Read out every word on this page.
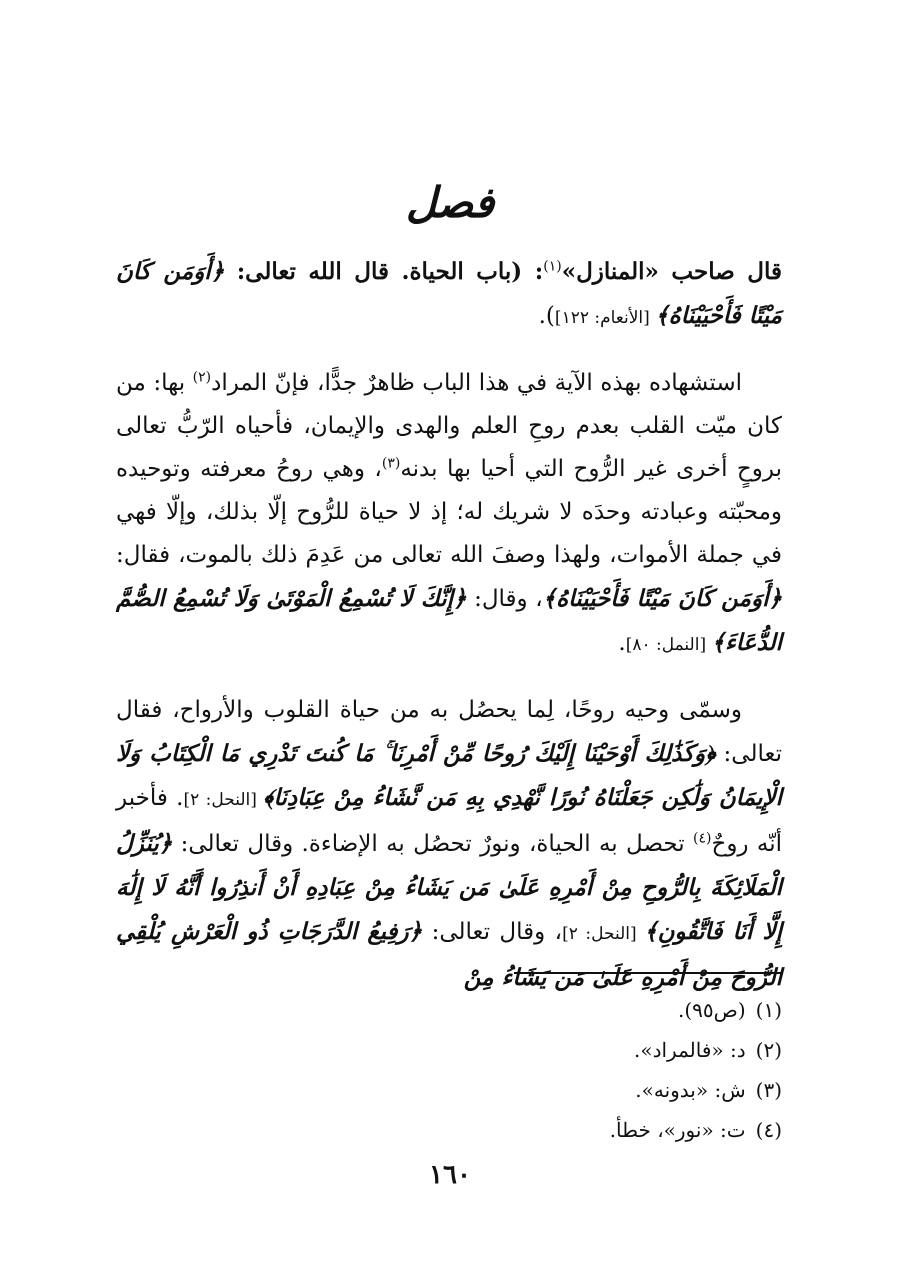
فصل

قال صاحب «المنازل»$^{(١)}$: (باب الحياة. قال الله تعالى: ﴿أَوَمَن كَانَ مَيْتًا فَأَحْيَيْنَاهُ﴾ [الأنعام: ١٢٢]).

استشهاده بهذه الآية في هذا الباب ظاهرٌ جدًّا، فإنّ المراد$^{(٢)}$ بها: من كان ميّت القلب بعدم روحِ العلم والهدى والإيمان، فأحياه الرّبُّ تعالى بروحٍ أخرى غير الرُّوح التي أحيا بها بدنه$^{(٣)}$، وهي روحُ معرفته وتوحيده ومحبّته وعبادته وحدَه لا شريك له؛ إذ لا حياة للرُّوح إلّا بذلك، وإلّا فهي في جملة الأموات، ولهذا وصفَ الله تعالى من عَدِمَ ذلك بالموت، فقال: ﴿أَوَمَن كَانَ مَيْتًا فَأَحْيَيْنَاهُ﴾، وقال: ﴿إِنَّكَ لَا تُسْمِعُ الْمَوْتَىٰ وَلَا تُسْمِعُ الصُّمَّ الدُّعَاءَ﴾ [النمل: ٨٠].

وسمّى وحيه روحًا، لِما يحصُل به من حياة القلوب والأرواح، فقال تعالى: ﴿وَكَذَٰلِكَ أَوْحَيْنَا إِلَيْكَ رُوحًا مِّنْ أَمْرِنَا ۚ مَا كُنتَ تَدْرِي مَا الْكِتَابُ وَلَا الْإِيمَانُ وَلَٰكِن جَعَلْنَاهُ نُورًا نَّهْدِي بِهِ مَن نَّشَاءُ مِنْ عِبَادِنَا﴾ [النحل: ٢]. فأخبر أنّه روحٌ$^{(٤)}$ تحصل به الحياة، ونورٌ تحصُل به الإضاءة. وقال تعالى: ﴿يُنَزِّلُ الْمَلَائِكَةَ بِالرُّوحِ مِنْ أَمْرِهِ عَلَىٰ مَن يَشَاءُ مِنْ عِبَادِهِ أَنْ أَنذِرُوا أَنَّهُ لَا إِلَٰهَ إِلَّا أَنَا فَاتَّقُونِ﴾ [النحل: ٢]، وقال تعالى: ﴿رَفِيعُ الدَّرَجَاتِ ذُو الْعَرْشِ يُلْقِي الرُّوحَ مِنْ أَمْرِهِ عَلَىٰ مَن يَشَاءُ مِنْ

(١)(ص٩٥).
(٢)د: «فالمراد».
(٣)ش: «بدونه».
(٤)ت: «نور»، خطأ.
١٦٠
